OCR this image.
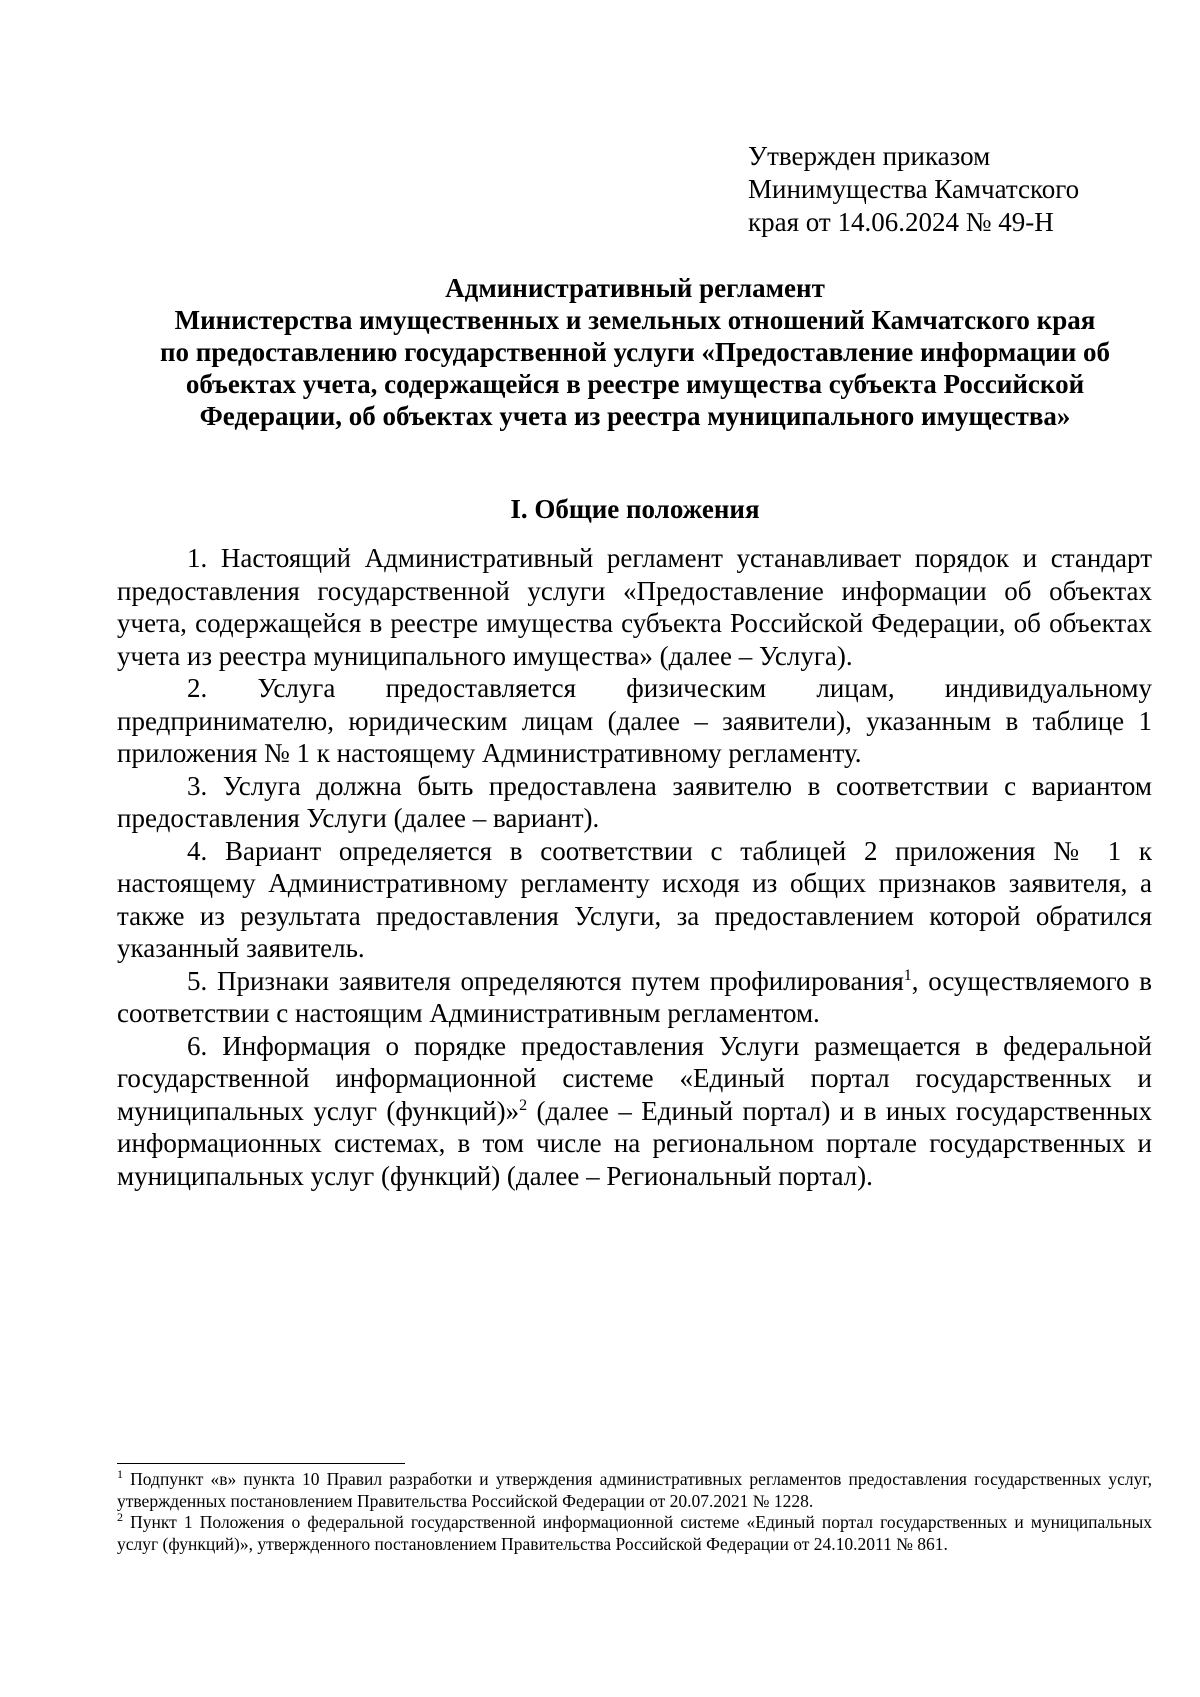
Утвержден приказом
Минимущества Камчатского
края от 14.06.2024 № 49-Н
Административный регламент
Министерства имущественных и земельных отношений Камчатского края
по предоставлению государственной услуги «Предоставление информации об
объектах учета, содержащейся в реестре имущества субъекта Российской
Федерации, об объектах учета из реестра муниципального имущества»
I. Общие положения

1. Настоящий Административный регламент устанавливает порядок и стандарт предоставления государственной услуги «Предоставление информации об объектах учета, содержащейся в реестре имущества субъекта Российской Федерации, об объектах учета из реестра муниципального имущества» (далее – Услуга).

2. Услуга предоставляется физическим лицам, индивидуальному предпринимателю, юридическим лицам (далее – заявители), указанным в таблице 1 приложения № 1 к настоящему Административному регламенту.

3. Услуга должна быть предоставлена заявителю в соответствии с вариантом предоставления Услуги (далее – вариант).

4. Вариант определяется в соответствии с таблицей 2 приложения № 1 к настоящему Административному регламенту исходя из общих признаков заявителя, а также из результата предоставления Услуги, за предоставлением которой обратился указанный заявитель.

5. Признаки заявителя определяются путем профилирования$^1$, осуществляемого в соответствии с настоящим Административным регламентом.

6. Информация о порядке предоставления Услуги размещается в федеральной государственной информационной системе «Единый портал государственных и муниципальных услуг (функций)»$^2$ (далее – Единый портал) и в иных государственных информационных системах, в том числе на региональном портале государственных и муниципальных услуг (функций) (далее – Региональный портал).

$^1$ Подпункт «в» пункта 10 Правил разработки и утверждения административных регламентов предоставления государственных услуг, утвержденных постановлением Правительства Российской Федерации от 20.07.2021 № 1228.

$^2$ Пункт 1 Положения о федеральной государственной информационной системе «Единый портал государственных и муниципальных услуг (функций)», утвержденного постановлением Правительства Российской Федерации от 24.10.2011 № 861.
